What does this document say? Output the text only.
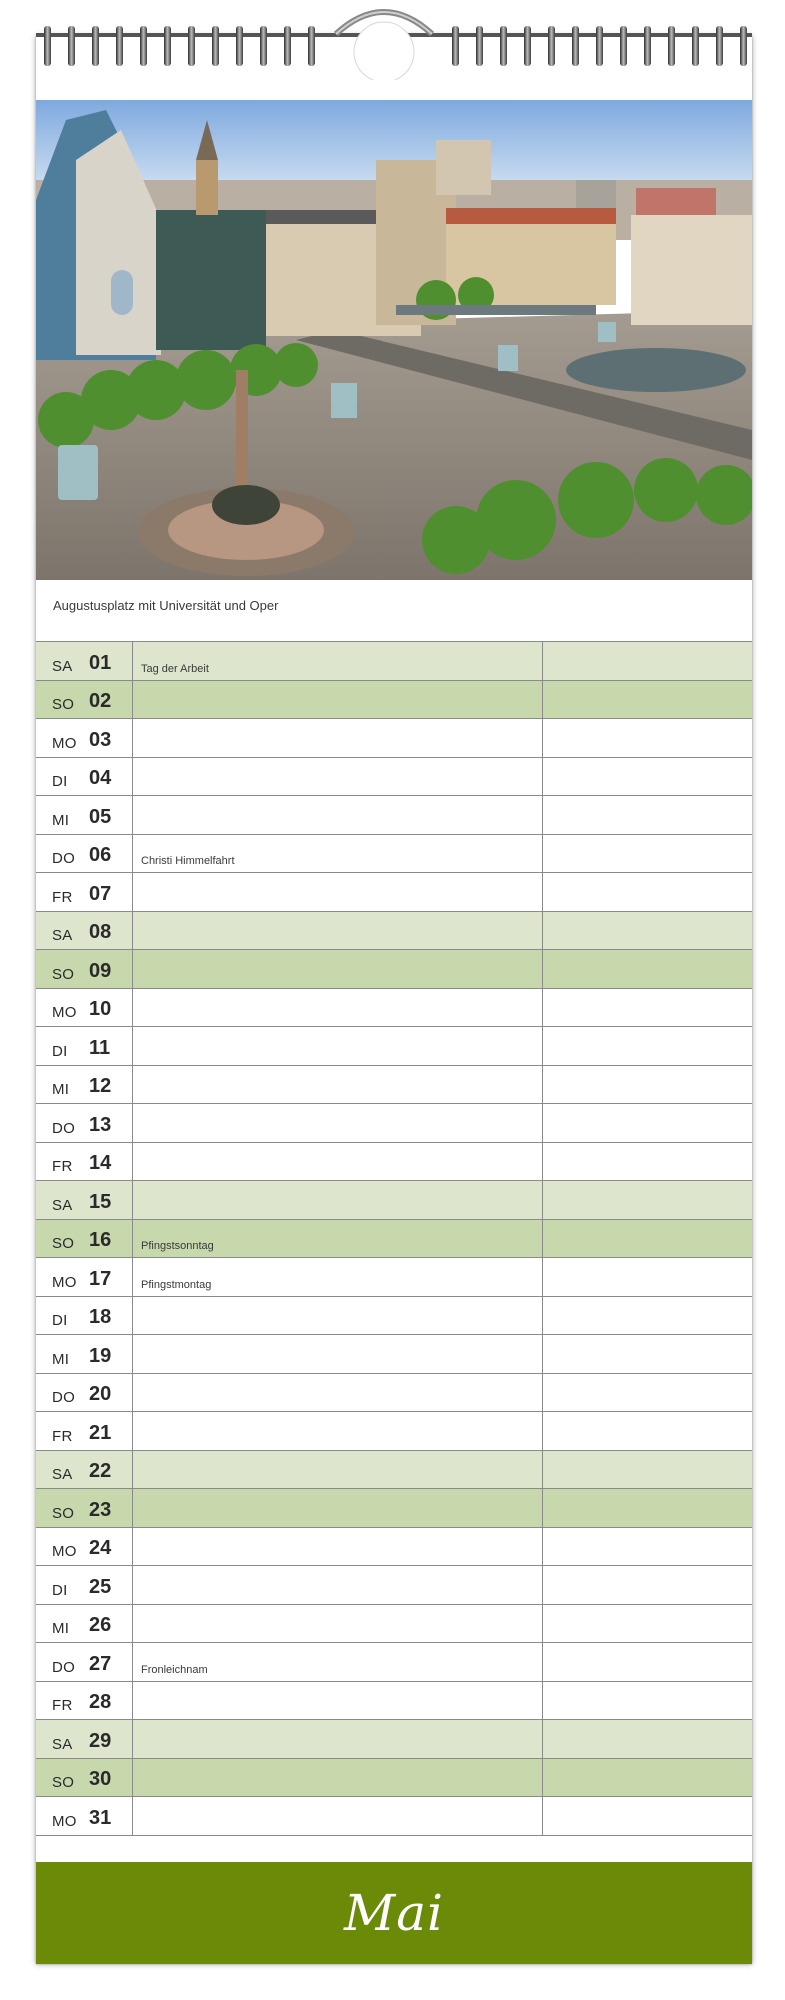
Augustusplatz mit Universität und Oper
SA 01	Tag der Arbeit
SO 02
MO 03
DI 04
MI 05
DO 06	Christi Himmelfahrt
FR 07
SA 08
SO 09
MO 10
DI 11
MI 12
DO 13
FR 14
SA 15
SO 16	Pfingstsonntag
MO 17	Pfingstmontag
DI 18
MI 19
DO 20
FR 21
SA 22
SO 23
MO 24
DI 25
MI 26
DO 27	Fronleichnam
FR 28
SA 29
SO 30
MO 31
Mai
